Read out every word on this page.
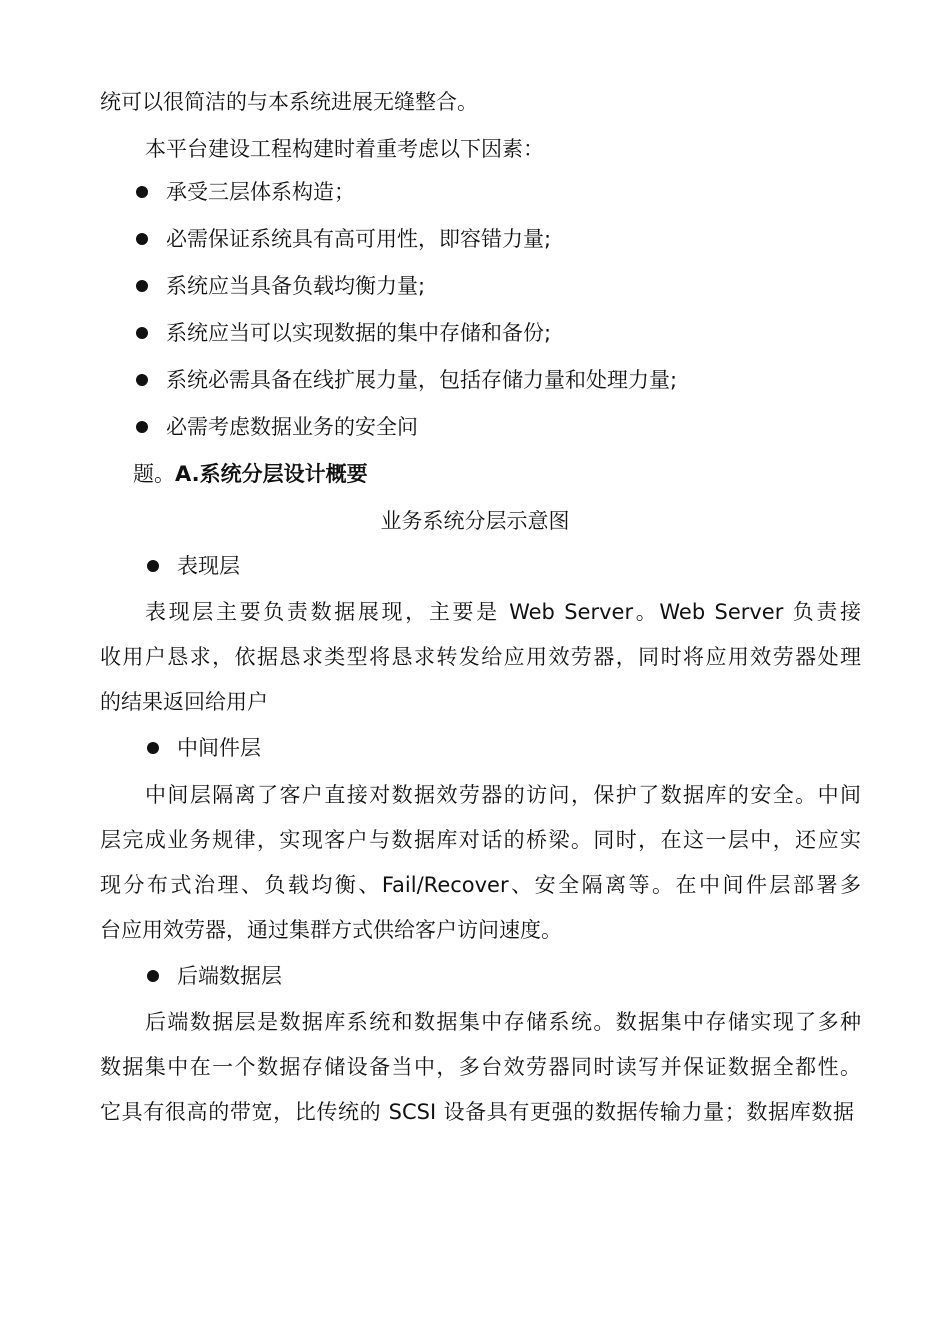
统可以很简洁的与本系统进展无缝整合。
本平台建设工程构建时着重考虑以下因素：
承受三层体系构造；
必需保证系统具有高可用性，即容错力量;
系统应当具备负载均衡力量;
系统应当可以实现数据的集中存储和备份;
系统必需具备在线扩展力量，包括存储力量和处理力量;
必需考虑数据业务的安全问
题。A.系统分层设计概要
业务系统分层示意图
表现层
表现层主要负责数据展现，主要是 Web Server。Web Server 负责接
收用户恳求，依据恳求类型将恳求转发给应用效劳器，同时将应用效劳器处理
的结果返回给用户
中间件层
中间层隔离了客户直接对数据效劳器的访问，保护了数据库的安全。中间
层完成业务规律，实现客户与数据库对话的桥梁。同时，在这一层中，还应实
现分布式治理、负载均衡、Fail/Recover、安全隔离等。在中间件层部署多
台应用效劳器，通过集群方式供给客户访问速度。
后端数据层
后端数据层是数据库系统和数据集中存储系统。数据集中存储实现了多种
数据集中在一个数据存储设备当中，多台效劳器同时读写并保证数据全都性。
它具有很高的带宽，比传统的 SCSI 设备具有更强的数据传输力量；数据库数据
